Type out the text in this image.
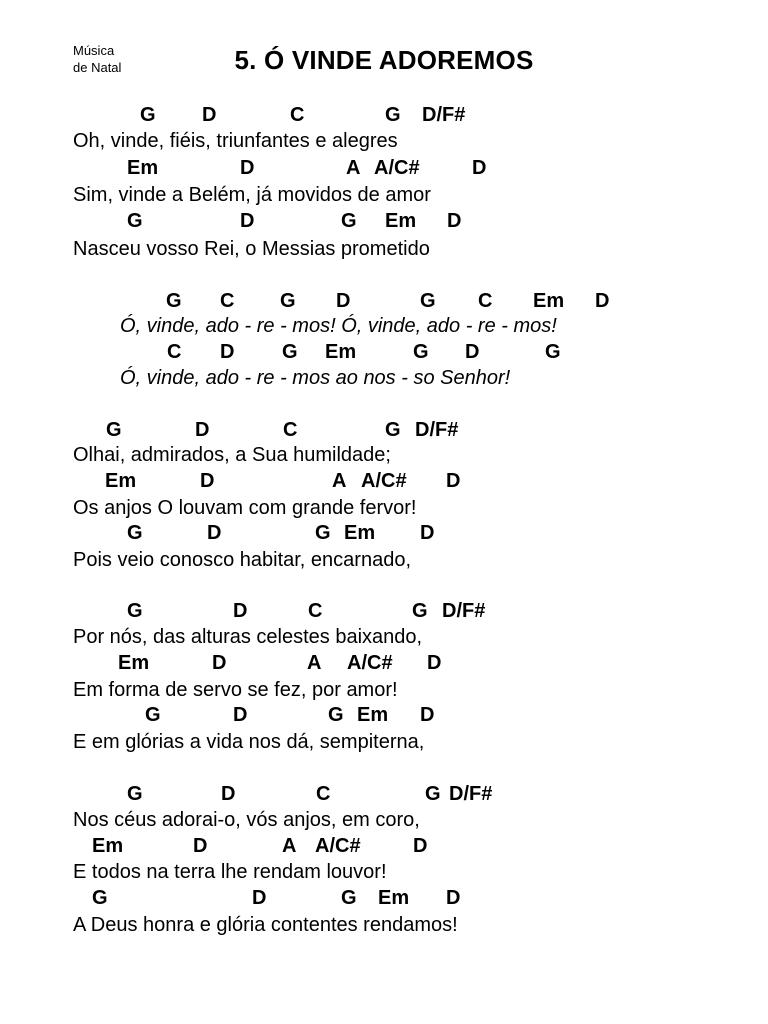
Música
de Natal	5. Ó VINDE ADOREMOS
G D	C	G D/F#
Oh, vinde, fiéis, triunfantes e alegres
Em	D	A A/C#	D
Sim, vinde a Belém, já movidos de amor
G	D	G Em D
Nasceu vosso Rei, o Messias prometido
G C G D	G C Em D
Ó, vinde, ado - re - mos! Ó, vinde, ado - re - mos!
C D G Em	G D	G
Ó, vinde, ado - re - mos ao nos - so Senhor!
G	D	C	G D/F#
Olhai, admirados, a Sua humildade;
Em	D	A A/C# D
Os anjos O louvam com grande fervor!
G	D	G Em D
Pois veio conosco habitar, encarnado,
G	D	C	G D/F#
Por nós, das alturas celestes baixando,
Em	D	A A/C# D
Em forma de servo se fez, por amor!
G	D	G Em D
E em glórias a vida nos dá, sempiterna,
G	D	C	G D/F#
Nos céus adorai-o, vós anjos, em coro,
Em	D	A A/C#	D
E todos na terra lhe rendam louvor!
G	D	G Em D
A Deus honra e glória contentes rendamos!
